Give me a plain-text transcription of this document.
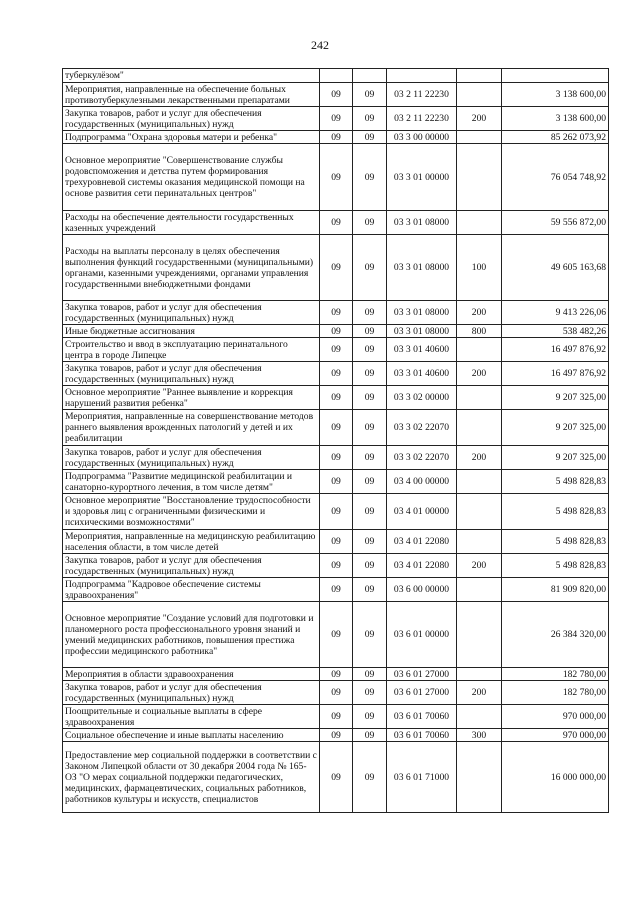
242
туберкулёзом"					
Мероприятия, направленные на обеспечение больных противотуберкулезными лекарственными препаратами	09	09	03 2 11 22230		3 138 600,00
Закупка товаров, работ и услуг для обеспечения государственных (муниципальных) нужд	09	09	03 2 11 22230	200	3 138 600,00
Подпрограмма "Охрана здоровья матери и ребенка"	09	09	03 3 00 00000		85 262 073,92
Основное мероприятие "Совершенствование службы родовспоможения и детства путем формирования трехуровневой системы оказания медицинской помощи на основе развития сети перинатальных центров"	09	09	03 3 01 00000		76 054 748,92
Расходы на обеспечение деятельности государственных казенных учреждений	09	09	03 3 01 08000		59 556 872,00
Расходы на выплаты персоналу в целях обеспечения выполнения функций государственными (муниципальными) органами, казенными учреждениями, органами управления государственными внебюджетными фондами	09	09	03 3 01 08000	100	49 605 163,68
Закупка товаров, работ и услуг для обеспечения государственных (муниципальных) нужд	09	09	03 3 01 08000	200	9 413 226,06
Иные бюджетные ассигнования	09	09	03 3 01 08000	800	538 482,26
Строительство и ввод в эксплуатацию перинатального центра в городе Липецке	09	09	03 3 01 40600		16 497 876,92
Закупка товаров, работ и услуг для обеспечения государственных (муниципальных) нужд	09	09	03 3 01 40600	200	16 497 876,92
Основное мероприятие "Раннее выявление и коррекция нарушений развития ребенка"	09	09	03 3 02 00000		9 207 325,00
Мероприятия, направленные на совершенствование методов раннего выявления врожденных патологий у детей и их реабилитации	09	09	03 3 02 22070		9 207 325,00
Закупка товаров, работ и услуг для обеспечения государственных (муниципальных) нужд	09	09	03 3 02 22070	200	9 207 325,00
Подпрограмма "Развитие медицинской реабилитации и санаторно-курортного лечения, в том числе детям"	09	09	03 4 00 00000		5 498 828,83
Основное мероприятие "Восстановление трудоспособности и здоровья лиц с ограниченными физическими и психическими возможностями"	09	09	03 4 01 00000		5 498 828,83
Мероприятия, направленные на медицинскую реабилитацию населения области, в том числе детей	09	09	03 4 01 22080		5 498 828,83
Закупка товаров, работ и услуг для обеспечения государственных (муниципальных) нужд	09	09	03 4 01 22080	200	5 498 828,83
Подпрограмма "Кадровое обеспечение системы здравоохранения"	09	09	03 6 00 00000		81 909 820,00
Основное мероприятие "Создание условий для подготовки и планомерного роста профессионального уровня знаний и умений медицинских работников, повышения престижа профессии медицинского работника"	09	09	03 6 01 00000		26 384 320,00
Мероприятия в области здравоохранения	09	09	03 6 01 27000		182 780,00
Закупка товаров, работ и услуг для обеспечения государственных (муниципальных) нужд	09	09	03 6 01 27000	200	182 780,00
Поощрительные и социальные выплаты в сфере здравоохранения	09	09	03 6 01 70060		970 000,00
Социальное обеспечение и иные выплаты населению	09	09	03 6 01 70060	300	970 000,00
Предоставление мер социальной поддержки в соответствии с Законом Липецкой области от 30 декабря 2004 года № 165-ОЗ "О мерах социальной поддержки педагогических, медицинских, фармацевтических, социальных работников, работников культуры и искусств, специалистов	09	09	03 6 01 71000		16 000 000,00
